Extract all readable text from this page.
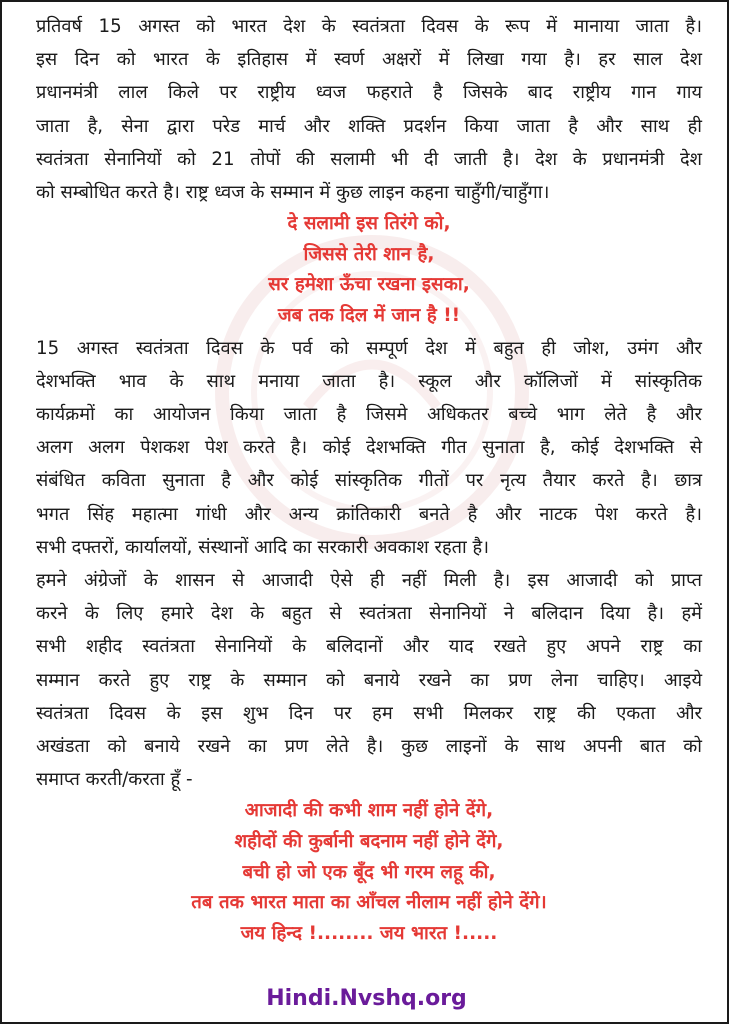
प्रतिवर्ष 15 अगस्त को भारत देश के स्वतंत्रता दिवस के रूप में मानाया जाता है।
इस दिन को भारत के इतिहास में स्वर्ण अक्षरों में लिखा गया है। हर साल देश
प्रधानमंत्री लाल किले पर राष्ट्रीय ध्वज फहराते है जिसके बाद राष्ट्रीय गान गाय
जाता है, सेना द्वारा परेड मार्च और शक्ति प्रदर्शन किया जाता है और साथ ही
स्वतंत्रता सेनानियों को 21 तोपों की सलामी भी दी जाती है। देश के प्रधानमंत्री देश
को सम्बोधित करते है। राष्ट्र ध्वज के सम्मान में कुछ लाइन कहना चाहुँगी/चाहुँगा।

दे सलामी इस तिरंगे को,
जिससे तेरी शान है,
सर हमेशा ऊँचा रखना इसका,
जब तक दिल में जान है !!

15 अगस्त स्वतंत्रता दिवस के पर्व को सम्पूर्ण देश में बहुत ही जोश, उमंग और
देशभक्ति भाव के साथ मनाया जाता है। स्कूल और कॉलिजों में सांस्कृतिक
कार्यक्रमों का आयोजन किया जाता है जिसमे अधिकतर बच्चे भाग लेते है और
अलग अलग पेशकश पेश करते है। कोई देशभक्ति गीत सुनाता है, कोई देशभक्ति से
संबंधित कविता सुनाता है और कोई सांस्कृतिक गीतों पर नृत्य तैयार करते है। छात्र
भगत सिंह महात्मा गांधी और अन्य क्रांतिकारी बनते है और नाटक पेश करते है।
सभी दफ्तरों, कार्यालयों, संस्थानों आदि का सरकारी अवकाश रहता है।

हमने अंग्रेजों के शासन से आजादी ऐसे ही नहीं मिली है। इस आजादी को प्राप्त
करने के लिए हमारे देश के बहुत से स्वतंत्रता सेनानियों ने बलिदान दिया है। हमें
सभी शहीद स्वतंत्रता सेनानियों के बलिदानों और याद रखते हुए अपने राष्ट्र का
सम्मान करते हुए राष्ट्र के सम्मान को बनाये रखने का प्रण लेना चाहिए। आइये
स्वतंत्रता दिवस के इस शुभ दिन पर हम सभी मिलकर राष्ट्र की एकता और
अखंडता को बनाये रखने का प्रण लेते है। कुछ लाइनों के साथ अपनी बात को
समाप्त करती/करता हूँ -

आजादी की कभी शाम नहीं होने देंगे,
शहीदों की कुर्बानी बदनाम नहीं होने देंगे,
बची हो जो एक बूँद भी गरम लहू की,
तब तक भारत माता का आँचल नीलाम नहीं होने देंगे।
जय हिन्द !........ जय भारत !.....

Hindi.Nvshq.org
